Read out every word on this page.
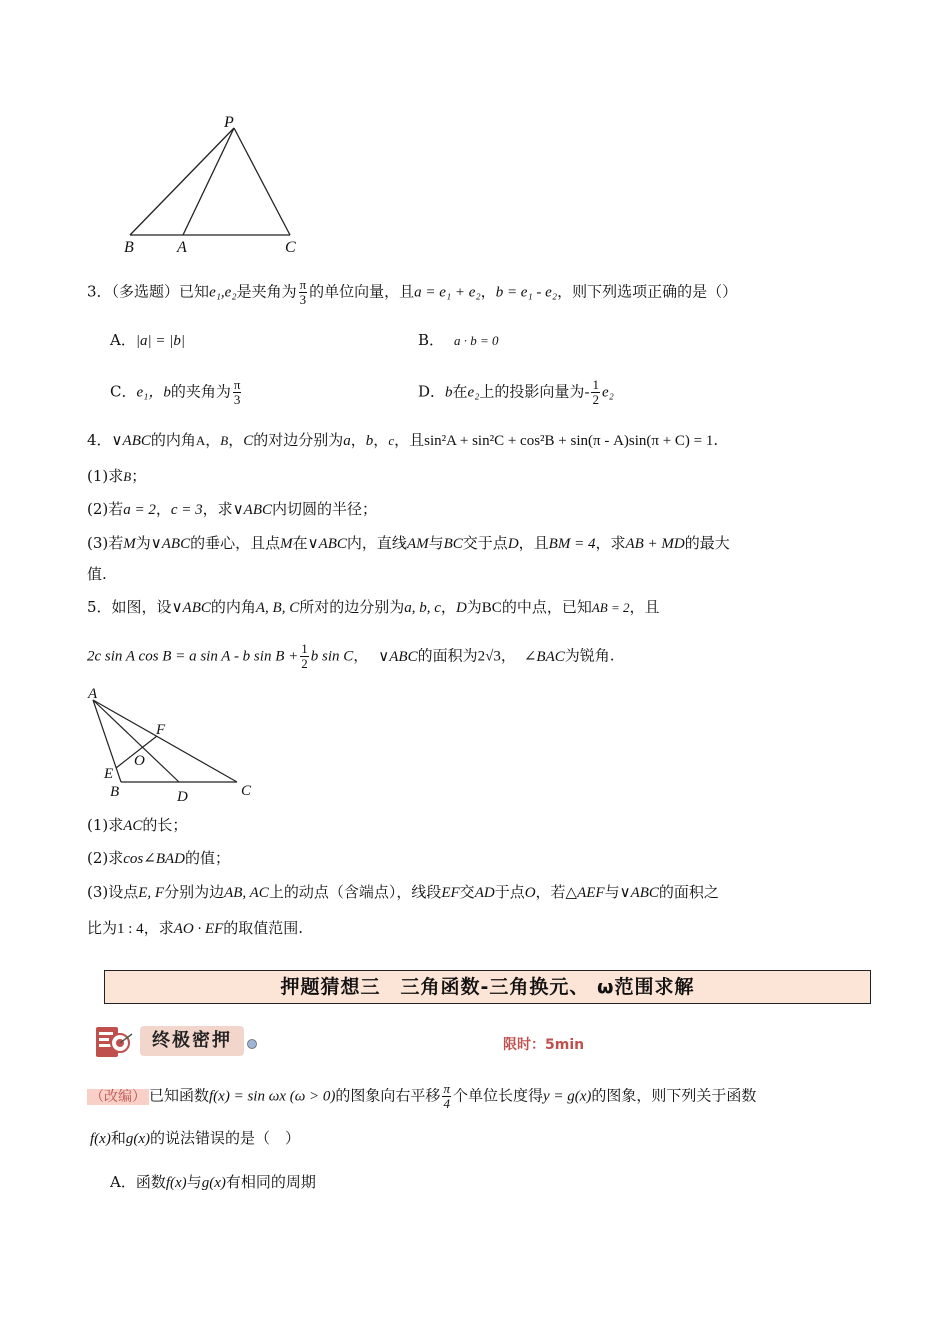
P
B	A	C
3．（多选题）已知e₁,e₂是夹角为 $\frac{\pi}{3}$ 的单位向量，且a = e₁ + e₂，b = e₁ - e₂，则下列选项正确的是（）
A．|a| = |b|	B． a · b = 0
C．e₁，b的夹角为 $\frac{\pi}{3}$	D．b在e₂上的投影向量为- $\frac{1}{2} e_2$
4．∨ABC的内角A，B，C的对边分别为a，b，c，且sin²A + sin²C + cos²B + sin(π - A)sin(π + C) = 1.
(1)求B；
(2)若a = 2，c = 3，求∨ABC内切圆的半径；
(3)若M为∨ABC的垂心，且点M在∨ABC内，直线AM与BC交于点D，且BM = 4，求AB + MD的最大
值.
5．如图，设∨ABC的内角A, B, C所对的边分别为a, b, c，D为BC的中点，已知AB = 2，且
2c sin A cos B = a sin A - b $\sin B + \frac{1}{2}$ b sin C， ∨ABC的面积为2√3， ∠BAC为锐角.
A
F
O
E
B	D	C
(1)求AC的长；
(2)求cos∠BAD的值；
(3)设点E, F分别为边AB, AC上的动点（含端点），线段EF交AD于点O，若△AEF与∨ABC的面积之
比为1 : 4，求AO · EF的取值范围.
押题猜想三　三角函数-三角换元、 ω范围求解
终极密押	限时：5min
（改编） 已知函数f(x) = sin ωx (ω > 0)的图象向右平移 $\frac{\pi}{4}$ 个单位长度得y = g(x)的图象，则下列关于函数
f(x)和g(x)的说法错误的是（　）
A．函数f(x)与g(x)有相同的周期
